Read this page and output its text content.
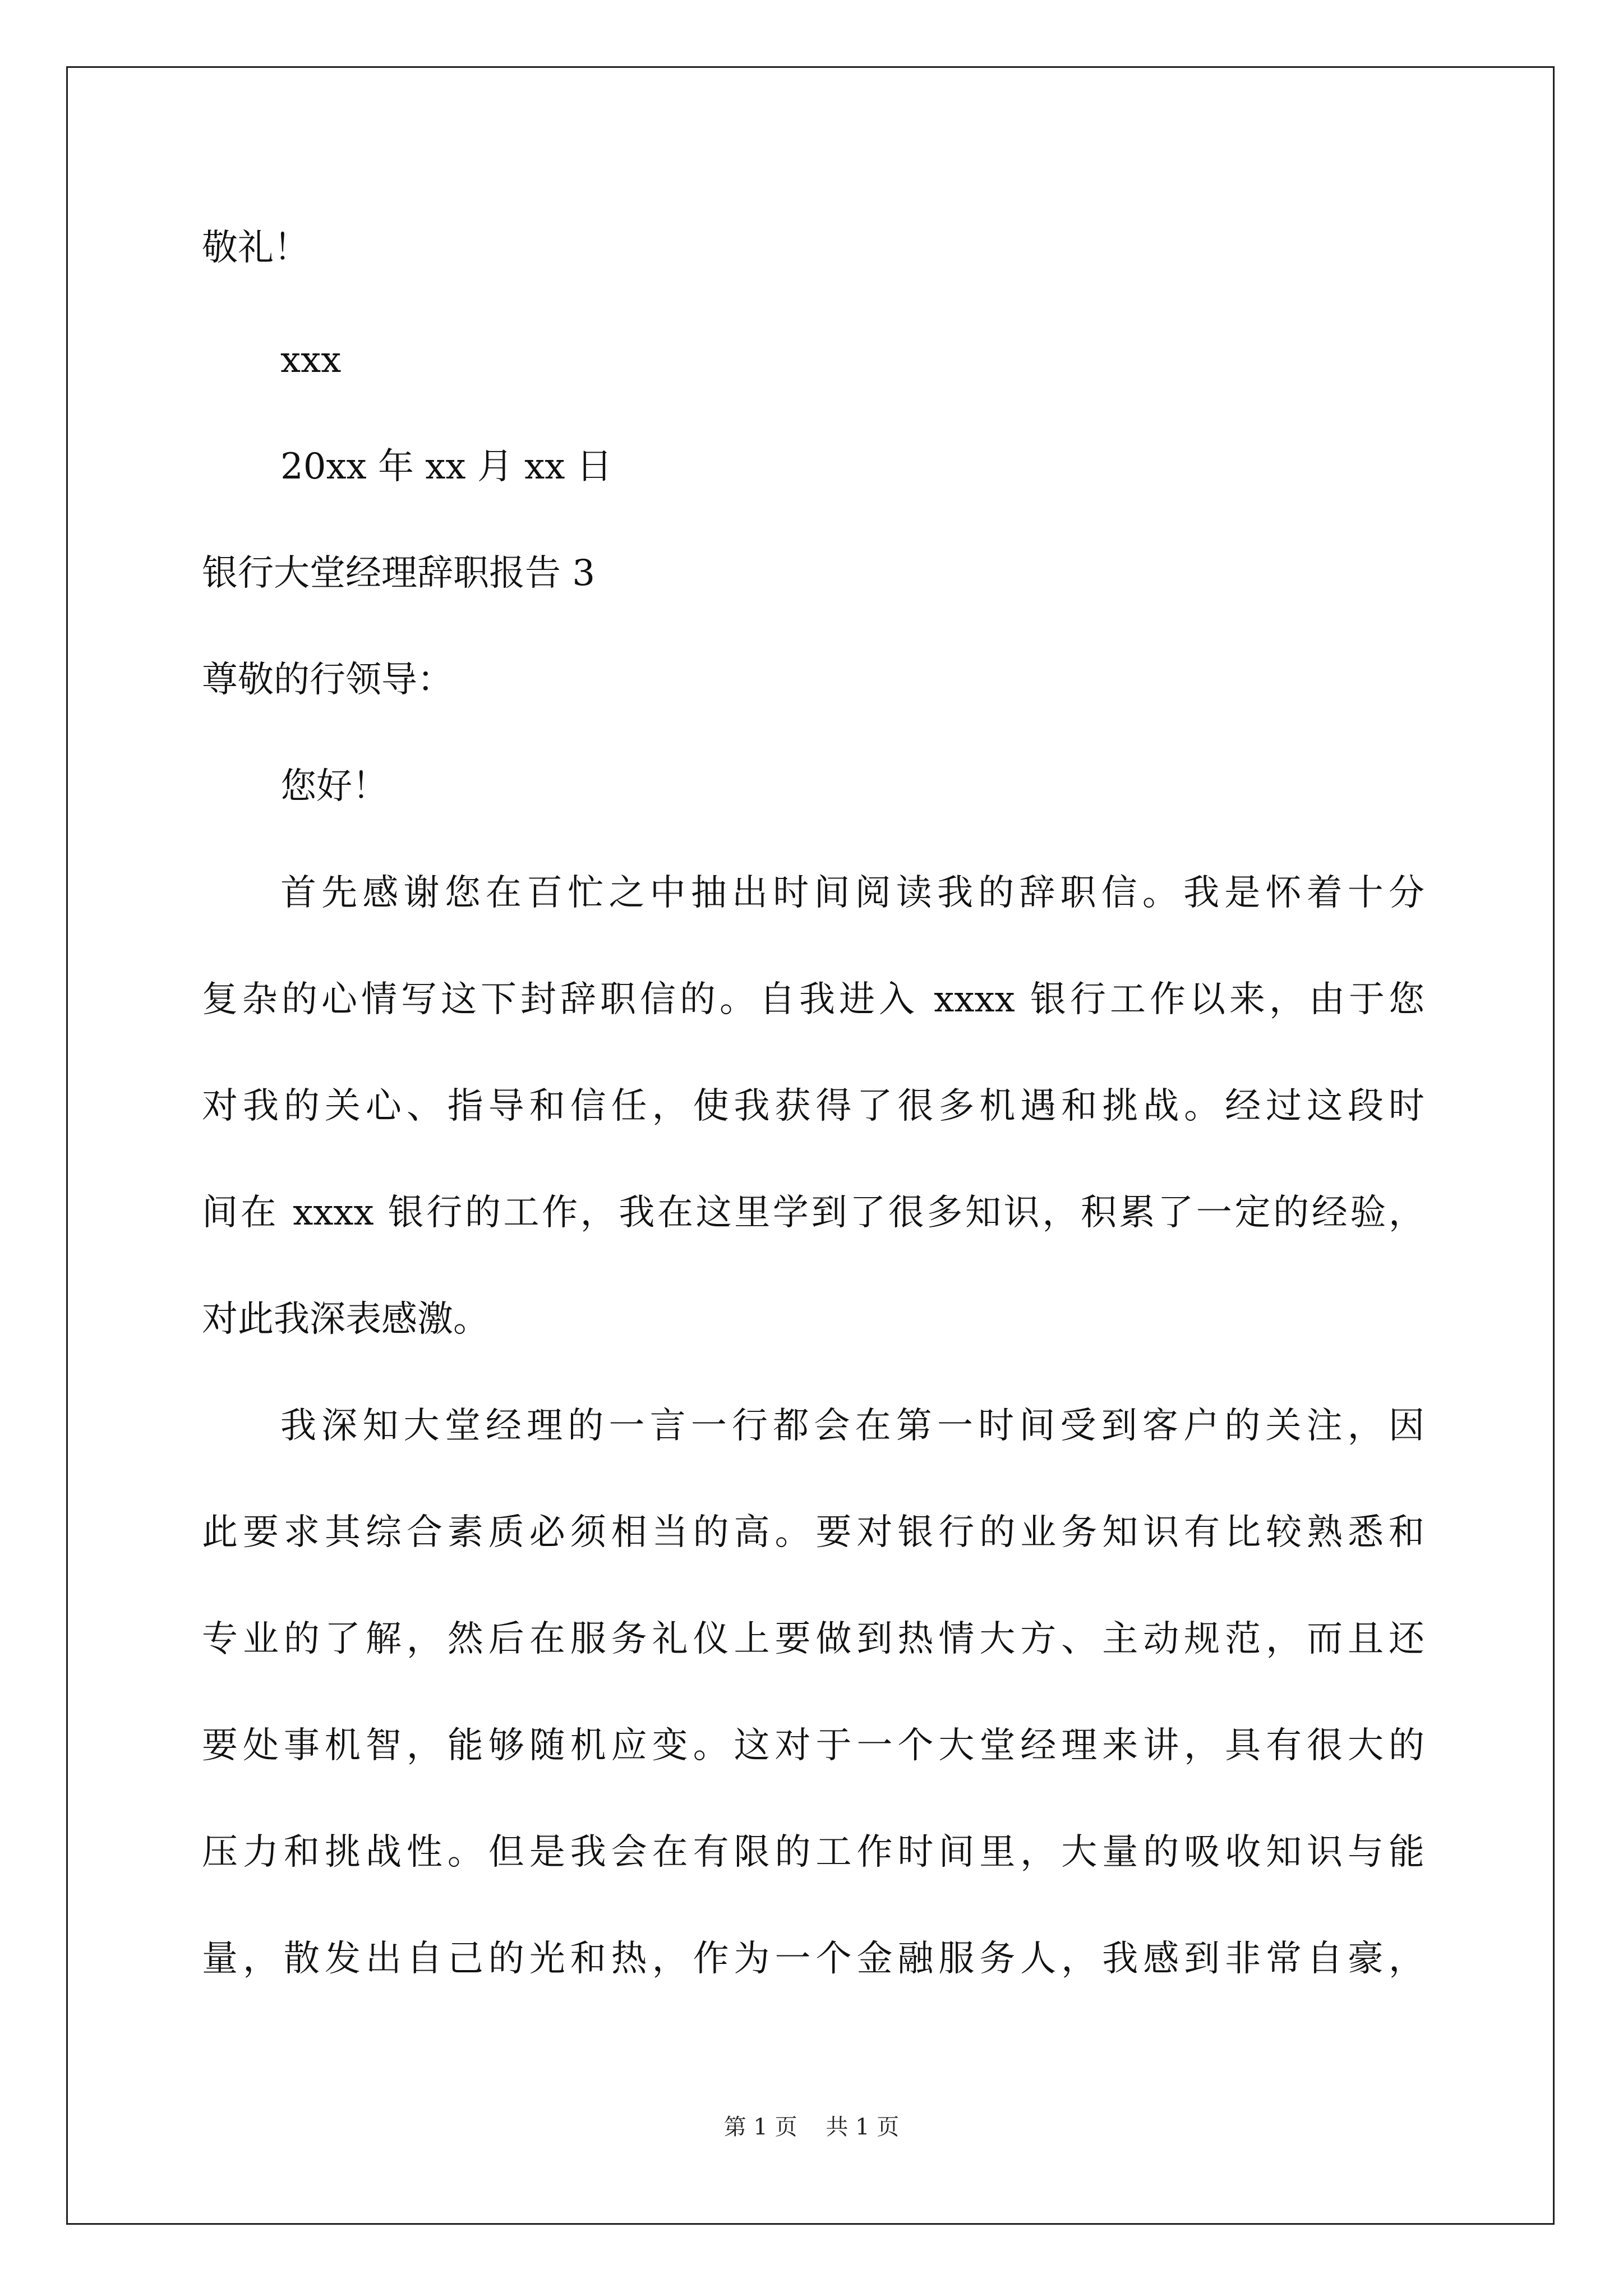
敬礼！
xxx
20xx 年 xx 月 xx 日
银行大堂经理辞职报告 3
尊敬的行领导：
您好！
首先感谢您在百忙之中抽出时间阅读我的辞职信。我是怀着十分
复杂的心情写这下封辞职信的。自我进入 xxxx 银行工作以来，由于您
对我的关心、指导和信任，使我获得了很多机遇和挑战。经过这段时
间在 xxxx 银行的工作，我在这里学到了很多知识，积累了一定的经验，
对此我深表感激。
我深知大堂经理的一言一行都会在第一时间受到客户的关注，因
此要求其综合素质必须相当的高。要对银行的业务知识有比较熟悉和
专业的了解，然后在服务礼仪上要做到热情大方、主动规范，而且还
要处事机智，能够随机应变。这对于一个大堂经理来讲，具有很大的
压力和挑战性。但是我会在有限的工作时间里，大量的吸收知识与能
量，散发出自己的光和热，作为一个金融服务人，我感到非常自豪，
第 1 页    共 1 页
